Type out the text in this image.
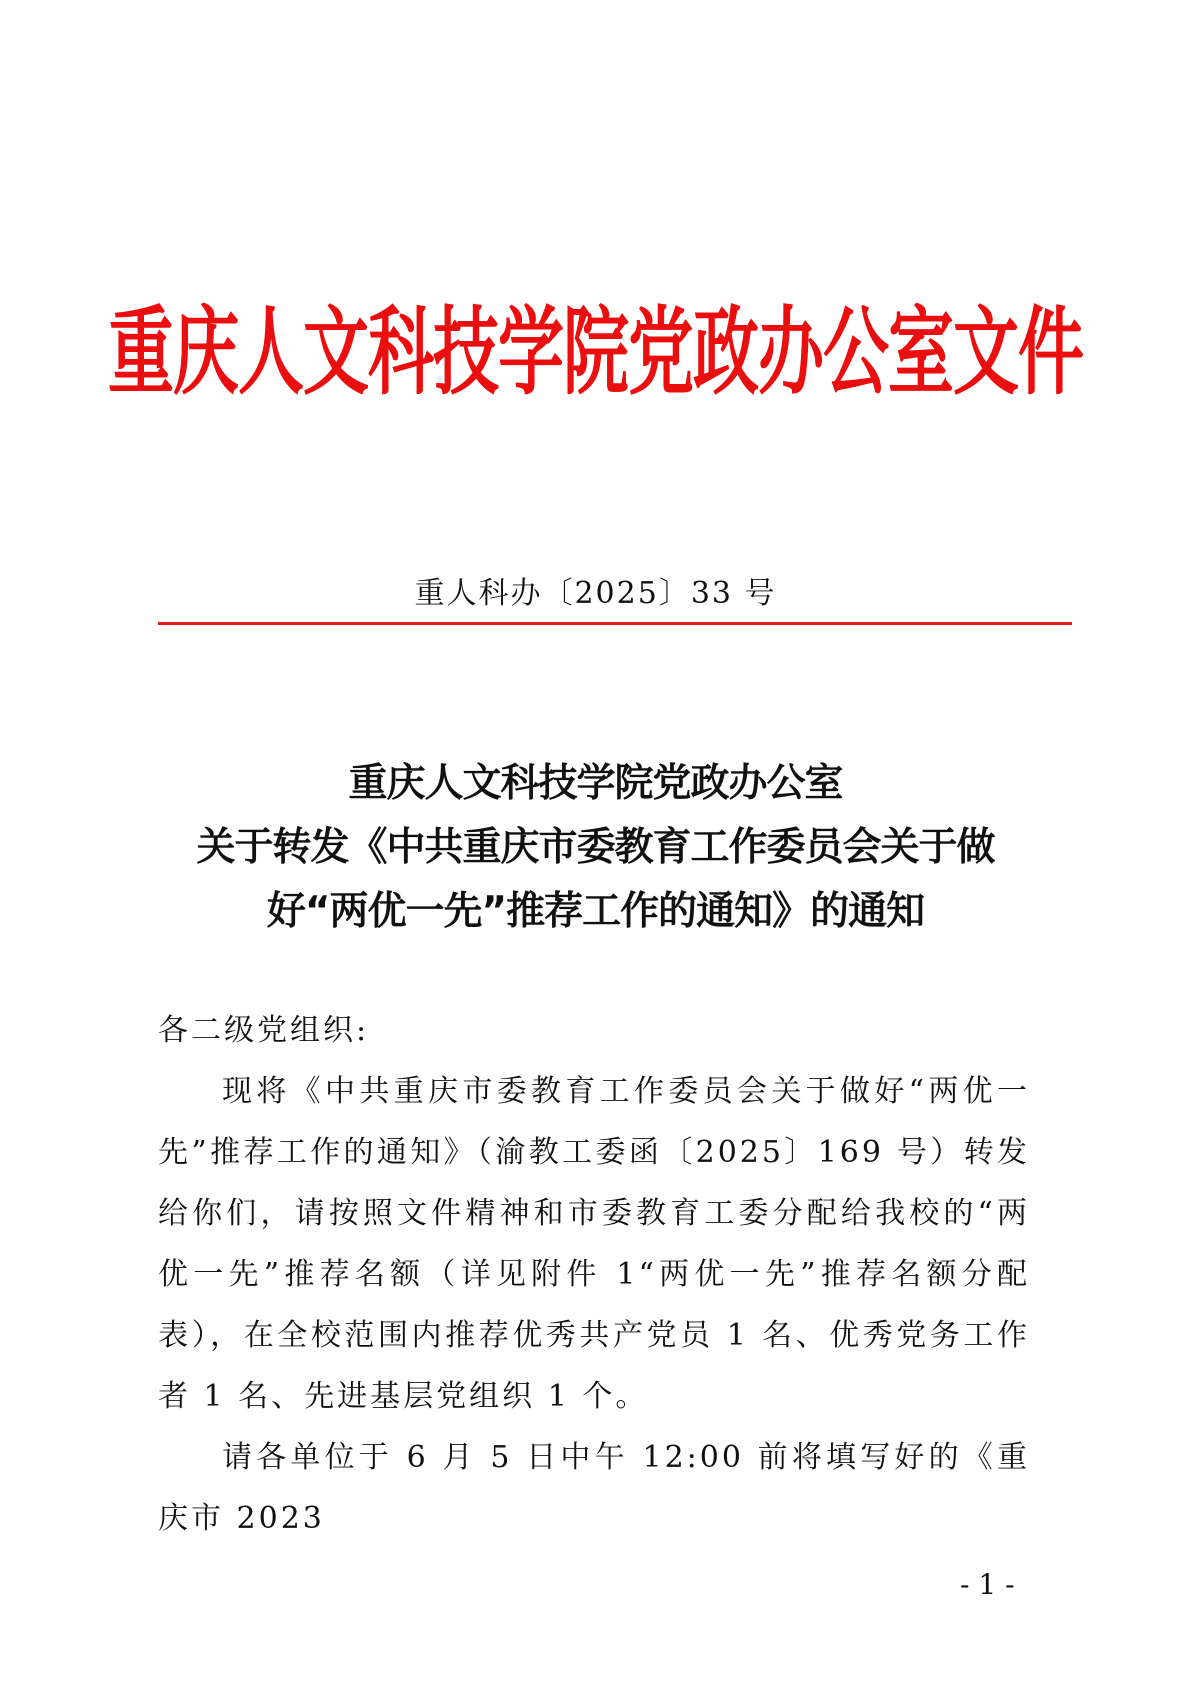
重庆人文科技学院党政办公室文件
重人科办〔2025〕33 号
重庆人文科技学院党政办公室
关于转发《中共重庆市委教育工作委员会关于做
好“两优一先”推荐工作的通知》的通知

各二级党组织:

现将《中共重庆市委教育工作委员会关于做好“两优一先”推荐工作的通知》（渝教工委函〔2025〕169 号）转发给你们，请按照文件精神和市委教育工委分配给我校的“两优一先”推荐名额（详见附件 1“两优一先”推荐名额分配表），在全校范围内推荐优秀共产党员 1 名、优秀党务工作者 1 名、先进基层党组织 1 个。

请各单位于 6 月 5 日中午 12:00 前将填写好的《重庆市 2023

- 1 -
